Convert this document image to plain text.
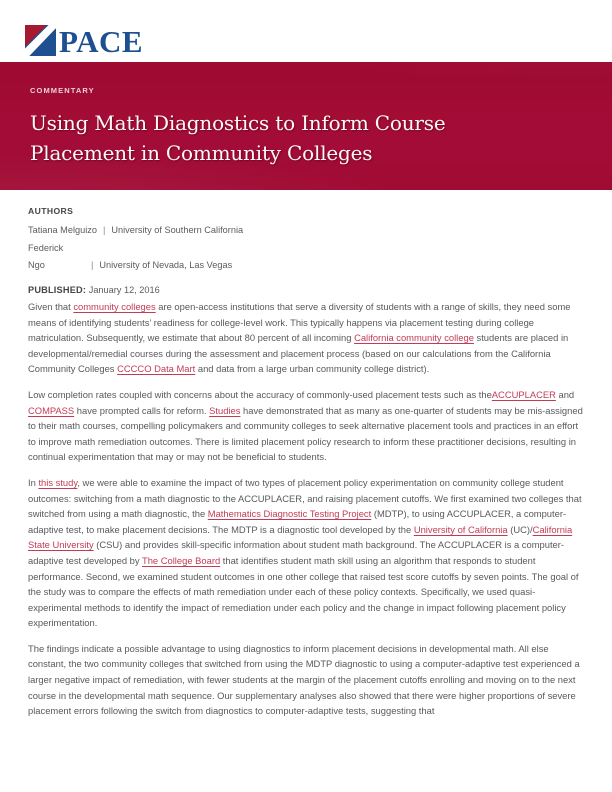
PACE
COMMENTARY
Using Math Diagnostics to Inform Course
Placement in Community Colleges
AUTHORS
Tatiana Melguizo | University of Southern California
Federick
Ngo	| University of Nevada, Las Vegas
PUBLISHED: January 12, 2016

Given that community colleges are open-access institutions that serve a diversity of students with a range of skills, they need some means of identifying students’ readiness for college-level work. This typically happens via placement testing during college matriculation. Subsequently, we estimate that about 80 percent of all incoming California community college students are placed in developmental/remedial courses during the assessment and placement process (based on our calculations from the California Community Colleges CCCCO Data Mart and data from a large urban community college district).

Low completion rates coupled with concerns about the accuracy of commonly-used placement tests such as theACCUPLACER and COMPASS have prompted calls for reform. Studies have demonstrated that as many as one-quarter of students may be mis-assigned to their math courses, compelling policymakers and community colleges to seek alternative placement tools and practices in an effort to improve math remediation outcomes. There is limited placement policy research to inform these practitioner decisions, resulting in continual experimentation that may or may not be beneficial to students.

In this study, we were able to examine the impact of two types of placement policy experimentation on community college student outcomes: switching from a math diagnostic to the ACCUPLACER, and raising placement cutoffs. We first examined two colleges that switched from using a math diagnostic, the Mathematics Diagnostic Testing Project (MDTP), to using ACCUPLACER, a computer-adaptive test, to make placement decisions. The MDTP is a diagnostic tool developed by the University of California (UC)/California State University (CSU) and provides skill-specific information about student math background. The ACCUPLACER is a computer-adaptive test developed by The College Board that identifies student math skill using an algorithm that responds to student performance. Second, we examined student outcomes in one other college that raised test score cutoffs by seven points. The goal of the study was to compare the effects of math remediation under each of these policy contexts. Specifically, we used quasi-experimental methods to identify the impact of remediation under each policy and the change in impact following placement policy experimentation.

The findings indicate a possible advantage to using diagnostics to inform placement decisions in developmental math. All else constant, the two community colleges that switched from using the MDTP diagnostic to using a computer-adaptive test experienced a larger negative impact of remediation, with fewer students at the margin of the placement cutoffs enrolling and moving on to the next course in the developmental math sequence. Our supplementary analyses also showed that there were higher proportions of severe placement errors following the switch from diagnostics to computer-adaptive tests, suggesting that
